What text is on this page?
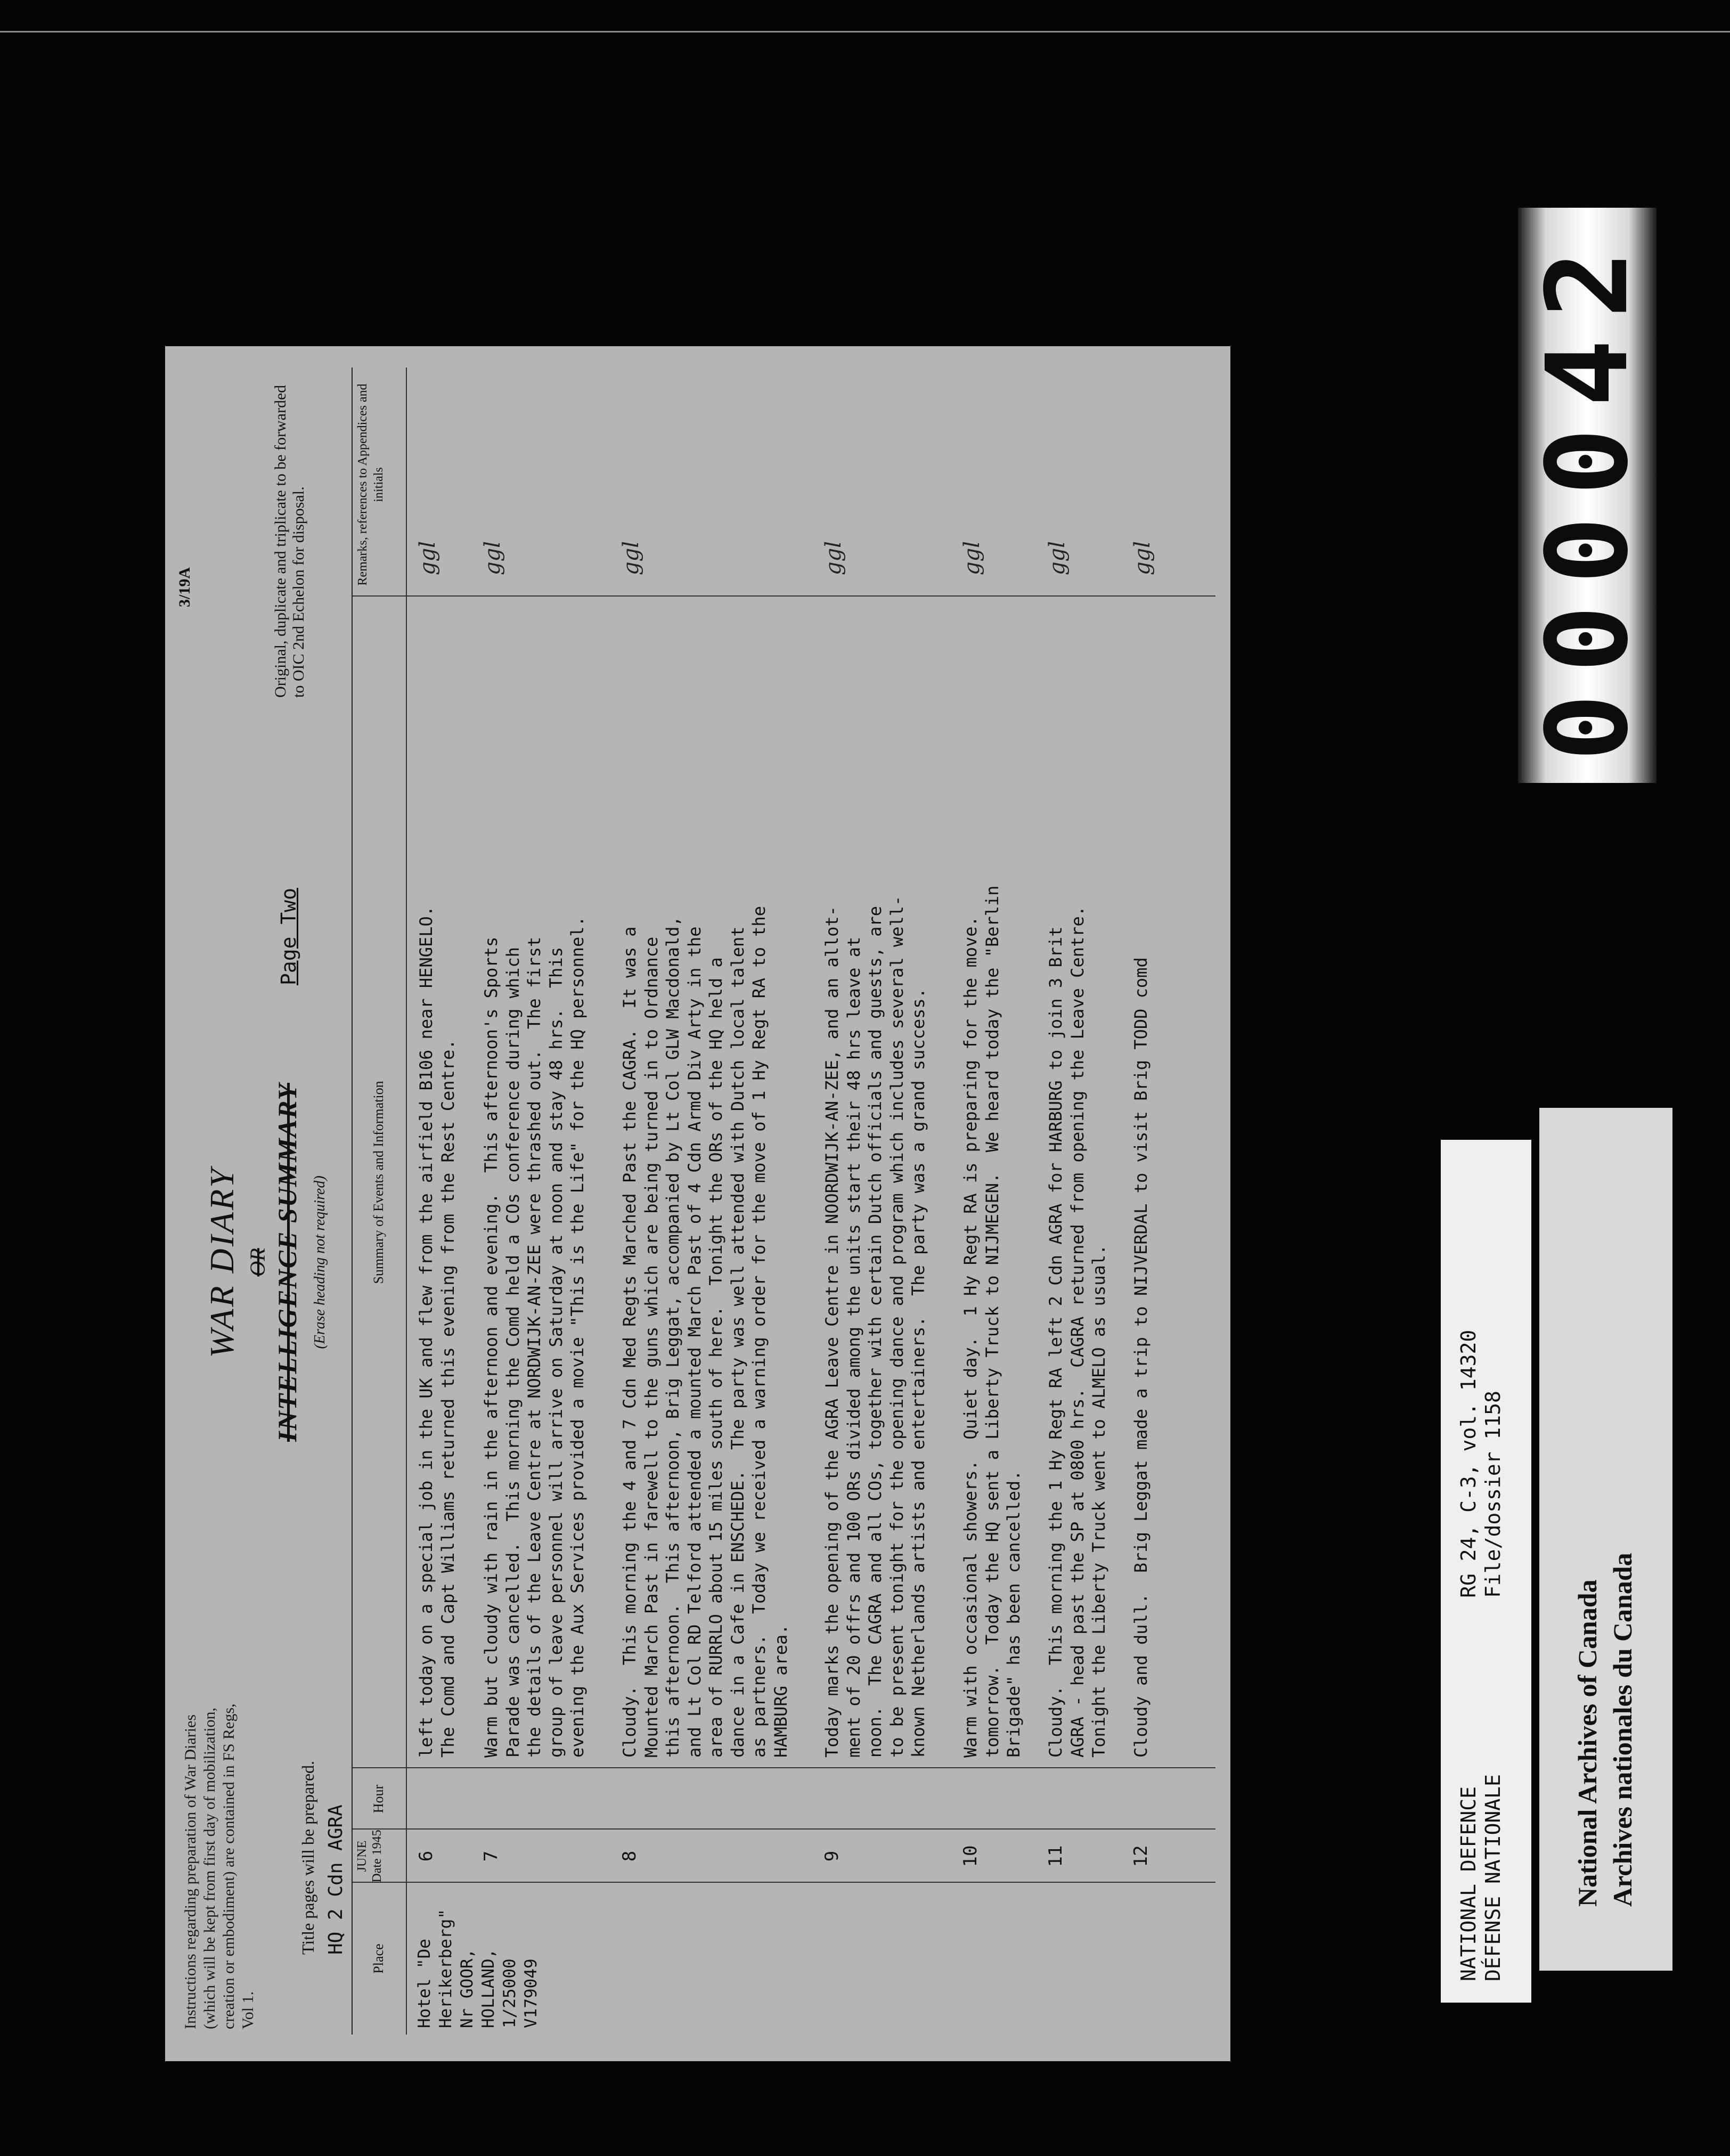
Instructions regarding preparation of War Diaries (which will be kept from first day of mobilization, creation or embodiment) are contained in FS Regs, Vol 1.
Title pages will be prepared. HQ 2 Cdn AGRA
WAR DIARY OR INTELLIGENCE SUMMARY (Erase heading not required)
Page Two
3/19A	Original, duplicate and triplicate to be forwarded to OIC 2nd Echelon for disposal.
Place
JUNE Date 1945
Hour
Summary of Events and Information
Remarks, references to Appendices and initials
Hotel "De
Herikerberg"
Nr GOOR,
HOLLAND,
1/25000
V179049
6
left today on a special job in the UK and flew from the airfield B106 near HENGELO.
The Comd and Capt Williams returned this evening from the Rest Centre.
ggl
7
Warm but cloudy with rain in the afternoon and evening.  This afternoon's Sports
Parade was cancelled.  This morning the Comd held a COs conference during which
the details of the Leave Centre at NORDWIJK-AN-ZEE were thrashed out.  The first
group of leave personnel will arrive on Saturday at noon and stay 48 hrs.  This
evening the Aux Services provided a movie "This is the Life" for the HQ personnel.
ggl
8
Cloudy.  This morning the 4 and 7 Cdn Med Regts Marched Past the CAGRA.  It was a
Mounted March Past in farewell to the guns which are being turned in to Ordnance
this afternoon.  This afternoon, Brig Leggat, accompanied by Lt Col GLW Macdonald,
and Lt Col RD Telford attended a mounted March Past of 4 Cdn Armd Div Arty in the
area of RURRLO about 15 miles south of here.  Tonight the ORs of the HQ held a
dance in a Cafe in ENSCHEDE.  The party was well attended with Dutch local talent
as partners.  Today we received a warning order for the move of 1 Hy Regt RA to the
HAMBURG area.
ggl
9
Today marks the opening of the AGRA Leave Centre in NOORDWIJK-AN-ZEE, and an allot-
ment of 20 offrs and 100 ORs divided among the units start their 48 hrs leave at
noon.  The CAGRA and all COs, together with certain Dutch officials and guests, are
to be present tonight for the opening dance and program which includes several well-
known Netherlands artists and entertainers.  The party was a grand success.
ggl
10
Warm with occasional showers.  Quiet day.  1 Hy Regt RA is preparing for the move.
tomorrow.  Today the HQ sent a Liberty Truck to NIJMEGEN.  We heard today the "Berlin
Brigade" has been cancelled.
ggl
11
Cloudy.  This morning the 1 Hy Regt RA left 2 Cdn AGRA for HARBURG to join 3 Brit
AGRA - head past the SP at 0800 hrs.  CAGRA returned from opening the Leave Centre.
Tonight the Liberty Truck went to ALMELO as usual.
ggl
12
Cloudy and dull.  Brig Leggat made a trip to NIJVERDAL to visit Brig TODD comd
ggl	000042
NATIONAL DEFENCE DÉFENSE NATIONALE
RG 24, C-3, vol. 14320 File/dossier 1158
National Archives of Canada Archives nationales du Canada
